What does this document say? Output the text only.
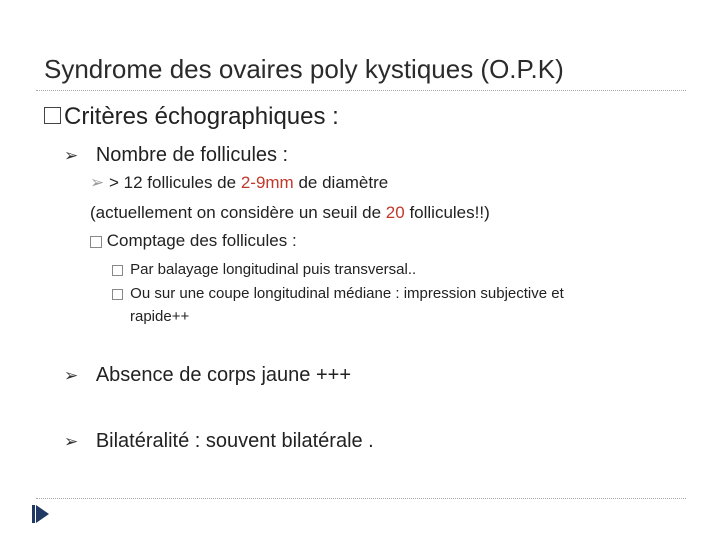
Syndrome des ovaires poly kystiques (O.P.K)
Critères échographiques :
➢ Nombre de follicules :
➢ > 12 follicules de 2-9mm de diamètre
(actuellement on considère un seuil de 20 follicules!!)
Comptage des follicules :
Par balayage longitudinal puis transversal..
Ou sur une coupe longitudinal médiane : impression subjective et
rapide++
➢ Absence de corps jaune +++
➢ Bilatéralité : souvent bilatérale .
